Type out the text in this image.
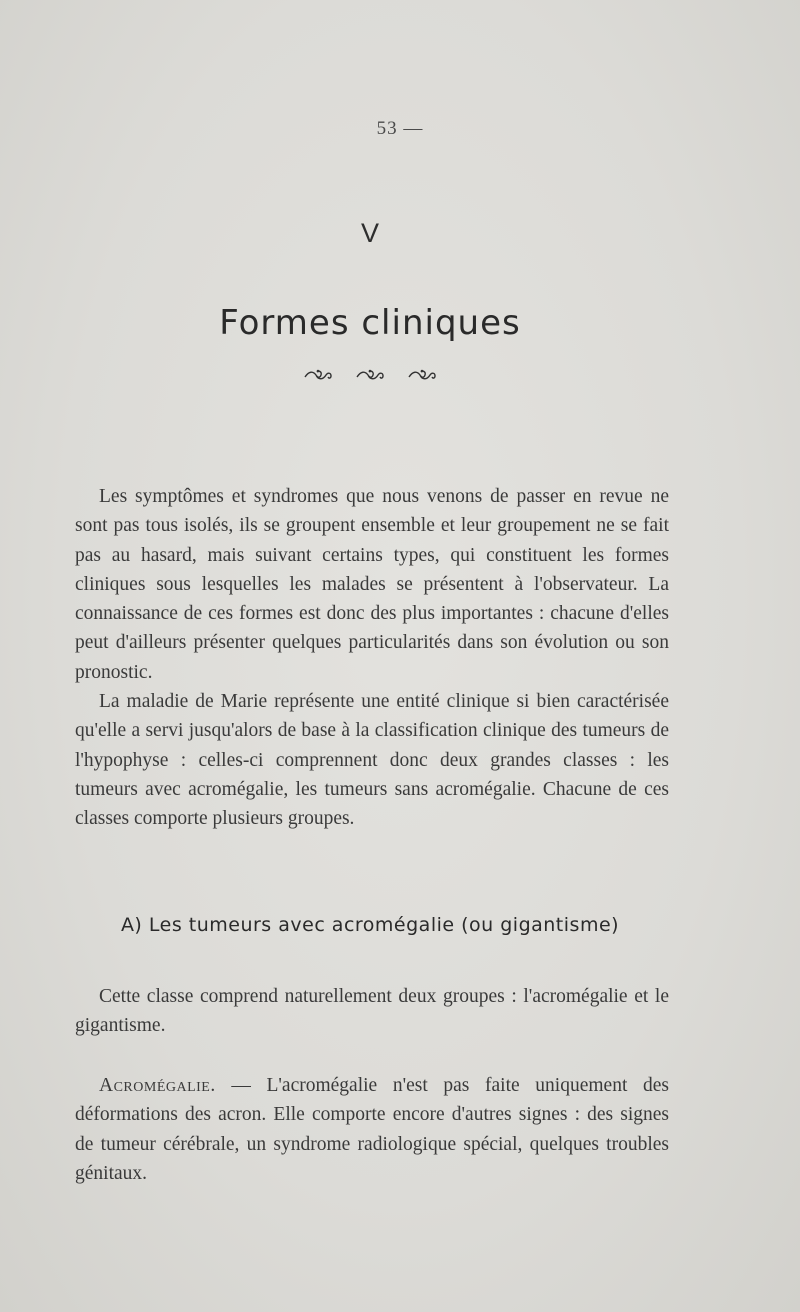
53 —
V
Formes cliniques

Les symptômes et syndromes que nous venons de passer en revue ne sont pas tous isolés, ils se groupent ensemble et leur groupement ne se fait pas au hasard, mais suivant certains types, qui constituent les formes cliniques sous lesquelles les malades se présentent à l'observateur. La connaissance de ces formes est donc des plus importantes : chacune d'elles peut d'ailleurs présenter quelques particularités dans son évolution ou son pronostic.

La maladie de Marie représente une entité clinique si bien caractérisée qu'elle a servi jusqu'alors de base à la classification clinique des tumeurs de l'hypophyse : celles-ci comprennent donc deux grandes classes : les tumeurs avec acromégalie, les tumeurs sans acromégalie. Chacune de ces classes comporte plusieurs groupes.

A) Les tumeurs avec acromégalie (ou gigantisme)

Cette classe comprend naturellement deux groupes : l'acromégalie et le gigantisme.

Acromégalie. — L'acromégalie n'est pas faite uniquement des déformations des acron. Elle comporte encore d'autres signes : des signes de tumeur cérébrale, un syndrome radiologique spécial, quelques troubles génitaux.
